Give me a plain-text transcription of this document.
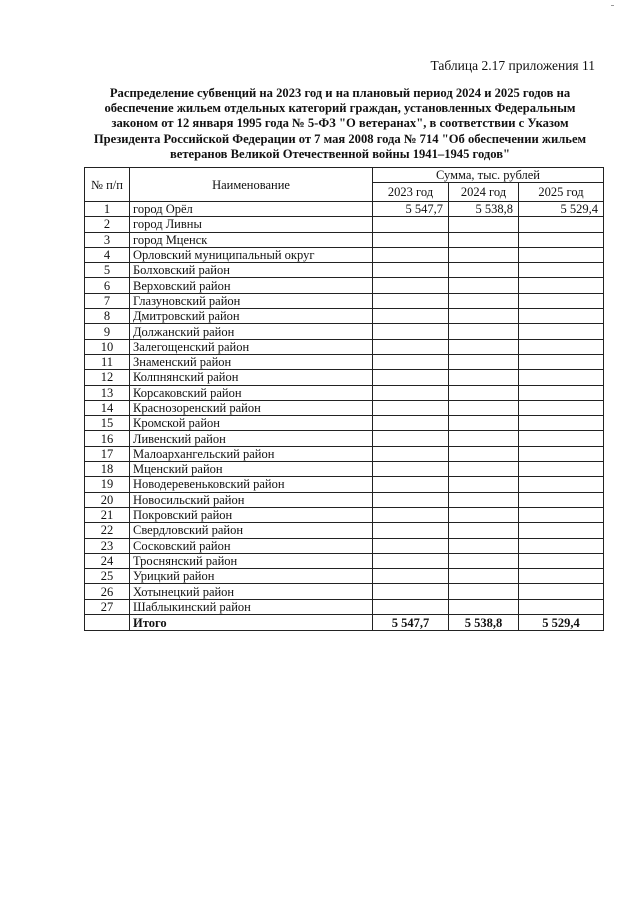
Таблица 2.17 приложения 11
Распределение субвенций на 2023 год и на плановый период 2024 и 2025 годов на
обеспечение жильем отдельных категорий граждан, установленных Федеральным
законом от 12 января 1995 года № 5-ФЗ "О ветеранах", в соответствии с Указом
Президента Российской Федерации от 7 мая 2008 года № 714 "Об обеспечении жильем
ветеранов Великой Отечественной войны 1941–1945 годов"
№ п/п	Наименование	Сумма, тыс. рублей		
		2023 год	2024 год	2025 год
1	город Орёл	5 547,7	5 538,8	5 529,4
2	город Ливны			
3	город Мценск			
4	Орловский муниципальный округ			
5	Болховский район			
6	Верховский район			
7	Глазуновский район			
8	Дмитровский район			
9	Должанский район			
10	Залегощенский район			
11	Знаменский район			
12	Колпнянский район			
13	Корсаковский район			
14	Краснозоренский район			
15	Кромской район			
16	Ливенский район			
17	Малоархангельский район			
18	Мценский район			
19	Новодеревеньковский район			
20	Новосильский район			
21	Покровский район			
22	Свердловский район			
23	Сосковский район			
24	Троснянский район			
25	Урицкий район			
26	Хотынецкий район			
27	Шаблыкинский район			
	Итого	5 547,7	5 538,8	5 529,4
